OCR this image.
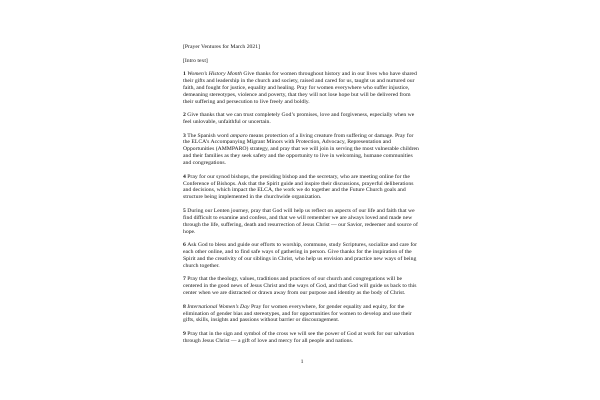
[Prayer Ventures for March 2021]

[Intro text]

1 Women’s History Month Give thanks for women throughout history and in our lives who have shared their gifts and leadership in the church and society, raised and cared for us, taught us and nurtured our faith, and fought for justice, equality and healing. Pray for women everywhere who suffer injustice, demeaning stereotypes, violence and poverty, that they will not lose hope but will be delivered from their suffering and persecution to live freely and boldly.

2 Give thanks that we can trust completely God’s promises, love and forgiveness, especially when we feel unlovable, unfaithful or uncertain.

3 The Spanish word amparo means protection of a living creature from suffering or damage. Pray for the ELCA’s Accompanying Migrant Minors with Protection, Advocacy, Representation and Opportunities (AMMPARO) strategy, and pray that we will join in serving the most vulnerable children and their families as they seek safety and the opportunity to live in welcoming, humane communities and congregations.

4 Pray for our synod bishops, the presiding bishop and the secretary, who are meeting online for the Conference of Bishops. Ask that the Spirit guide and inspire their discussions, prayerful deliberations and decisions, which impact the ELCA, the work we do together and the Future Church goals and structure being implemented in the churchwide organization.

5 During our Lenten journey, pray that God will help us reflect on aspects of our life and faith that we find difficult to examine and confess, and that we will remember we are always loved and made new through the life, suffering, death and resurrection of Jesus Christ — our Savior, redeemer and source of hope.

6 Ask God to bless and guide our efforts to worship, commune, study Scriptures, socialize and care for each other online, and to find safe ways of gathering in person. Give thanks for the inspiration of the Spirit and the creativity of our siblings in Christ, who help us envision and practice new ways of being church together.

7 Pray that the theology, values, traditions and practices of our church and congregations will be centered in the good news of Jesus Christ and the ways of God, and that God will guide us back to this center when we are distracted or drawn away from our purpose and identity as the body of Christ.

8 International Women’s Day Pray for women everywhere, for gender equality and equity, for the elimination of gender bias and stereotypes, and for opportunities for women to develop and use their gifts, skills, insights and passions without barrier or discouragement.

9 Pray that in the sign and symbol of the cross we will see the power of God at work for our salvation through Jesus Christ — a gift of love and mercy for all people and nations.

1
